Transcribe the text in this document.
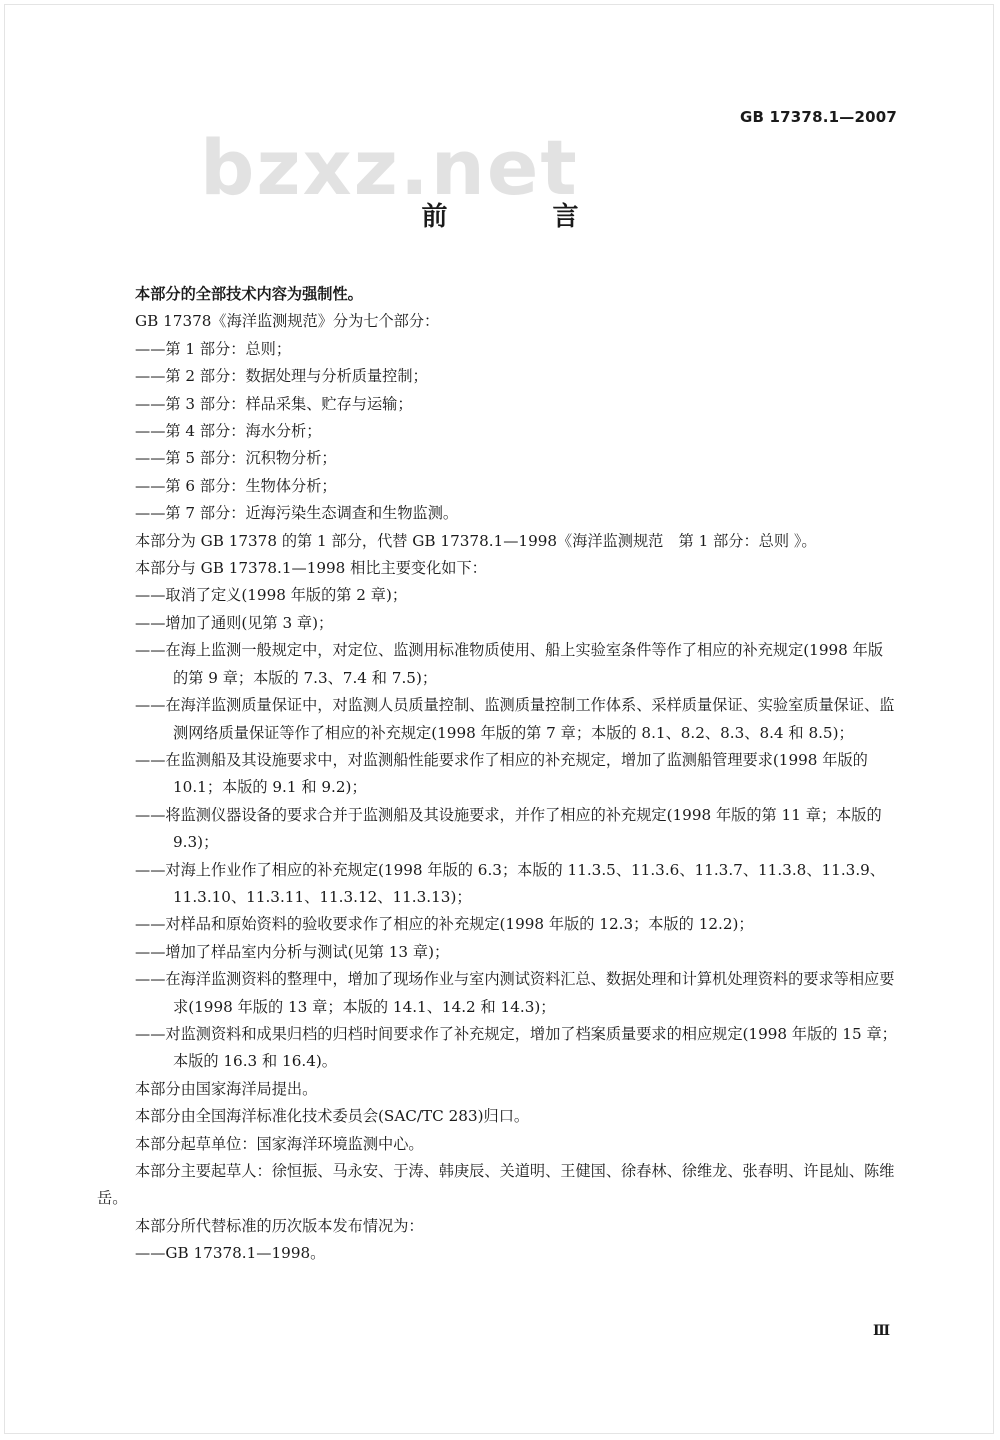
bzxz.net
GB 17378.1—2007
前 言

本部分的全部技术内容为强制性。

GB 17378《海洋监测规范》分为七个部分：

——第 1 部分：总则；

——第 2 部分：数据处理与分析质量控制；

——第 3 部分：样品采集、贮存与运输；

——第 4 部分：海水分析；

——第 5 部分：沉积物分析；

——第 6 部分：生物体分析；

——第 7 部分：近海污染生态调查和生物监测。

本部分为 GB 17378 的第 1 部分，代替 GB 17378.1—1998《海洋监测规范　第 1 部分：总则 》。

本部分与 GB 17378.1—1998 相比主要变化如下：

——取消了定义(1998 年版的第 2 章)；

——增加了通则(见第 3 章)；

——在海上监测一般规定中，对定位、监测用标准物质使用、船上实验室条件等作了相应的补充规定(1998 年版的第 9 章；本版的 7.3、7.4 和 7.5)；

——在海洋监测质量保证中，对监测人员质量控制、监测质量控制工作体系、采样质量保证、实验室质量保证、监测网络质量保证等作了相应的补充规定(1998 年版的第 7 章；本版的 8.1、8.2、8.3、8.4 和 8.5)；

——在监测船及其设施要求中，对监测船性能要求作了相应的补充规定，增加了监测船管理要求(1998 年版的 10.1；本版的 9.1 和 9.2)；

——将监测仪器设备的要求合并于监测船及其设施要求，并作了相应的补充规定(1998 年版的第 11 章；本版的 9.3)；

——对海上作业作了相应的补充规定(1998 年版的 6.3；本版的 11.3.5、11.3.6、11.3.7、11.3.8、11.3.9、11.3.10、11.3.11、11.3.12、11.3.13)；

——对样品和原始资料的验收要求作了相应的补充规定(1998 年版的 12.3；本版的 12.2)；

——增加了样品室内分析与测试(见第 13 章)；

——在海洋监测资料的整理中，增加了现场作业与室内测试资料汇总、数据处理和计算机处理资料的要求等相应要求(1998 年版的 13 章；本版的 14.1、14.2 和 14.3)；

——对监测资料和成果归档的归档时间要求作了补充规定，增加了档案质量要求的相应规定(1998 年版的 15 章；本版的 16.3 和 16.4)。

本部分由国家海洋局提出。

本部分由全国海洋标准化技术委员会(SAC/TC 283)归口。

本部分起草单位：国家海洋环境监测中心。

本部分主要起草人：徐恒振、马永安、于涛、韩庚辰、关道明、王健国、徐春林、徐维龙、张春明、许昆灿、陈维岳。

本部分所代替标准的历次版本发布情况为：

——GB 17378.1—1998。

Ⅲ
